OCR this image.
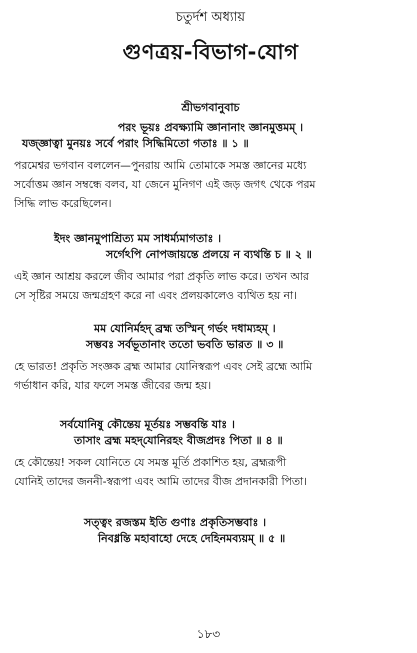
চতুর্দশ অধ্যায়
গুণত্রয়-বিভাগ-যোগ
শ্রীভগবানুবাচ
পরং ভূয়ঃ প্রবক্ষ্যামি জ্ঞানানাং জ্ঞানমুত্তমম্‌ ।
যজ্‌জ্ঞাত্বা মুনয়ঃ সর্বে পরাং সিদ্ধিমিতো গতাঃ ॥ ১ ॥
পরমেশ্বর ভগবান বললেন—পুনরায় আমি তোমাকে সমস্ত জ্ঞানের মধ্যে
সর্বোত্তম জ্ঞান সম্বন্ধে বলব, যা জেনে মুনিগণ এই জড় জগৎ থেকে পরম
সিদ্ধি লাভ করেছিলেন।
ইদং জ্ঞানমুপাশ্রিত্য মম সাধর্ম্যমাগতাঃ ।
সর্গেঽপি নোপজায়ন্তে প্রলয়ে ন ব্যথন্তি চ ॥ ২ ॥
এই জ্ঞান আশ্রয় করলে জীব আমার পরা প্রকৃতি লাভ করে। তখন আর
সে সৃষ্টির সময়ে জন্মগ্রহণ করে না এবং প্রলয়কালেও ব্যথিত হয় না।
মম যোনির্মহদ্‌ ব্রহ্ম তস্মিন্‌ গর্ভং দধাম্যহম্‌ ।
সম্ভবঃ সর্বভূতানাং ততো ভবতি ভারত ॥ ৩ ॥
হে ভারত! প্রকৃতি সংজ্ঞক ব্রহ্ম আমার যোনিস্বরূপ এবং সেই ব্রহ্মে আমি
গর্ভাধান করি, যার ফলে সমস্ত জীবের জন্ম হয়।
সর্বযোনিষু কৌন্তেয় মূর্তয়ঃ সম্ভবন্তি যাঃ ।
তাসাং ব্রহ্ম মহদ্‌যোনিরহং বীজপ্রদঃ পিতা ॥ ৪ ॥
হে কৌন্তেয়! সকল যোনিতে যে সমস্ত মূর্তি প্রকাশিত হয়, ব্রহ্মরূপী
যোনিই তাদের জননী-স্বরূপা এবং আমি তাদের বীজ প্রদানকারী পিতা।
সত্ত্বং রজস্তম ইতি গুণাঃ প্রকৃতিসম্ভবাঃ ।
নিবধ্নন্তি মহাবাহো দেহে দেহিনমব্যয়ম্‌ ॥ ৫ ॥
১৮৩
